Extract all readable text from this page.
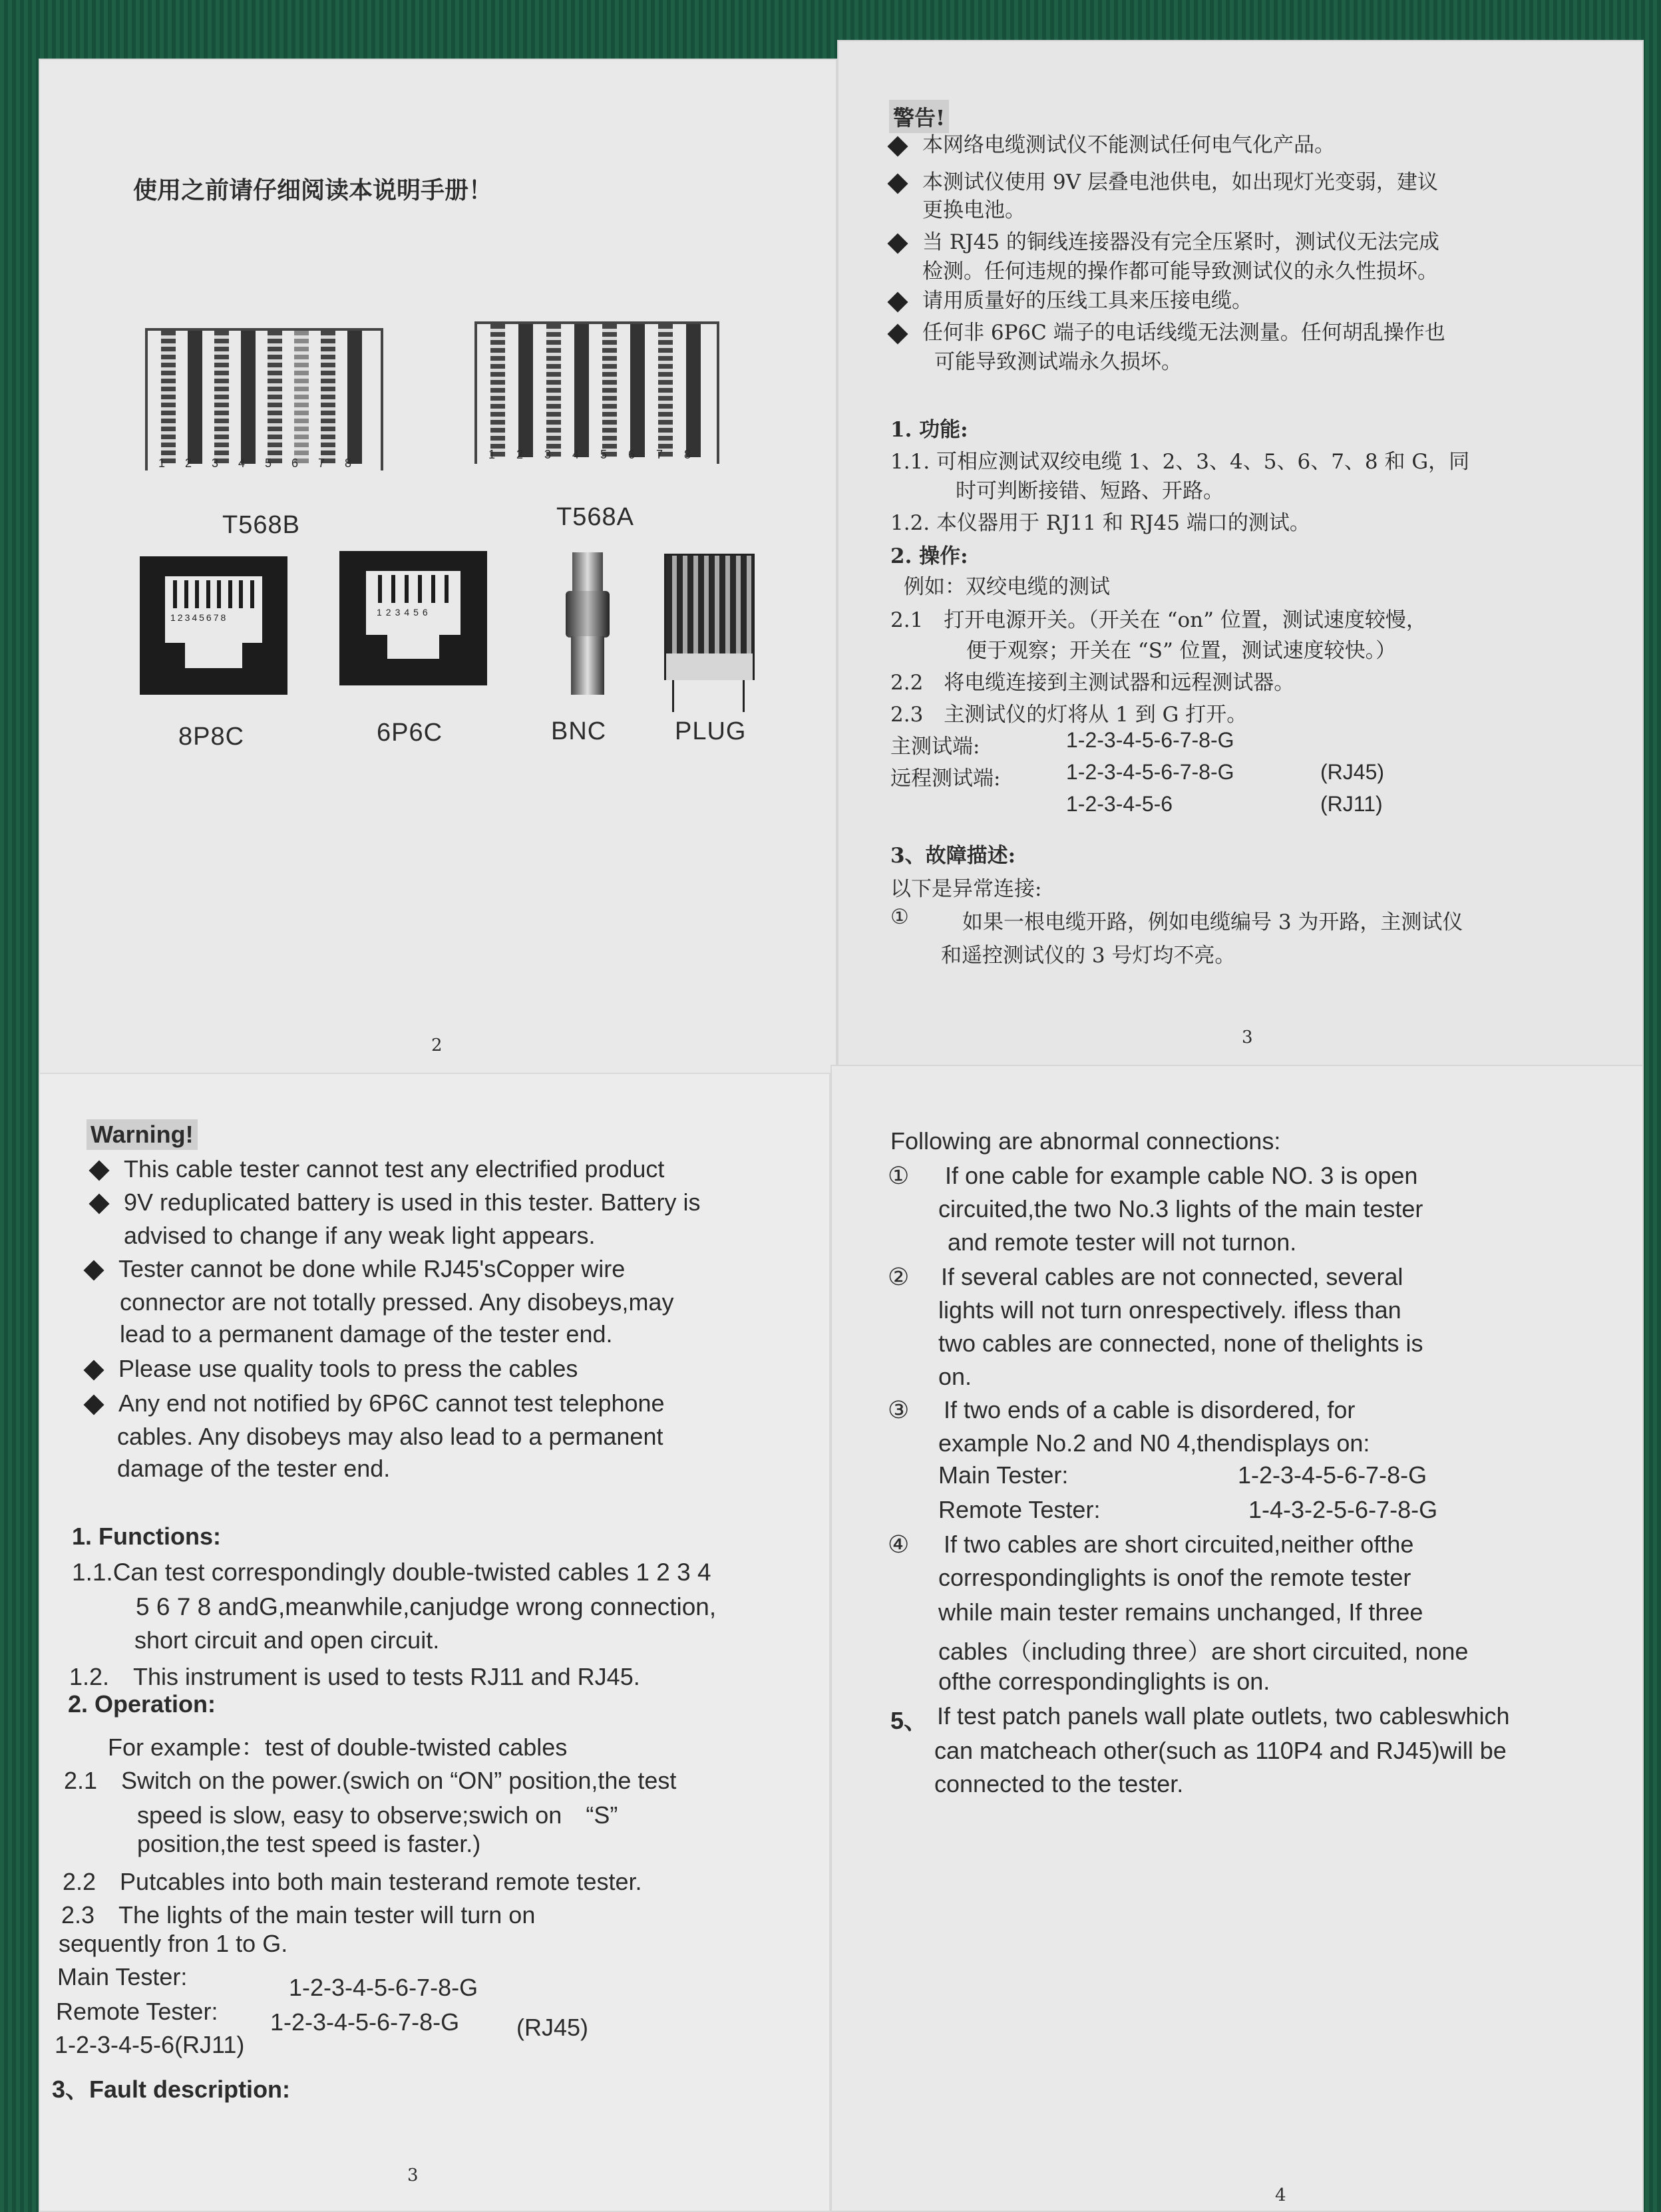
使用之前请仔细阅读本说明手册！
1 2 3 4 5 6 7 8
T568B
1 2 3 4 5 6 7 8
T568A
12345678
8P8C
123456
6P6C	BNC	PLUG
2
警告!
本网络电缆测试仪不能测试任何电气化产品。
本测试仪使用 9V 层叠电池供电，如出现灯光变弱，建议
更换电池。
当 RJ45 的铜线连接器没有完全压紧时，测试仪无法完成
检测。任何违规的操作都可能导致测试仪的永久性损坏。
请用质量好的压线工具来压接电缆。
任何非 6P6C 端子的电话线缆无法测量。任何胡乱操作也
可能导致测试端永久损坏。
1. 功能:
1.1. 可相应测试双绞电缆 1、2、3、4、5、6、7、8 和 G，同
时可判断接错、短路、开路。
1.2. 本仪器用于 RJ11 和 RJ45 端口的测试。
2. 操作:
例如：双绞电缆的测试
2.1　打开电源开关。（开关在 “on” 位置，测试速度较慢，
便于观察；开关在 “S” 位置，测试速度较快。）
2.2　将电缆连接到主测试器和远程测试器。
2.3　主测试仪的灯将从 1 到 G 打开。
主测试端:	1-2-3-4-5-6-7-8-G
远程测试端:	1-2-3-4-5-6-7-8-G	(RJ45)
1-2-3-4-5-6	(RJ11)
3、故障描述:
以下是异常连接:
①	如果一根电缆开路，例如电缆编号 3 为开路，主测试仪
和遥控测试仪的 3 号灯均不亮。
3
Warning!
This cable tester cannot test any electrified product
9V reduplicated battery is used in this tester. Battery is
advised to change if any weak light appears.
Tester cannot be done while RJ45'sCopper wire
connector are not totally pressed. Any disobeys,may
lead to a permanent damage of the tester end.
Please use quality tools to press the cables
Any end not notified by 6P6C cannot test telephone
cables. Any disobeys may also lead to a permanent
damage of the tester end.
1. Functions:
1.1.Can test correspondingly double-twisted cables 1 2 3 4
5 6 7 8 andG,meanwhile,canjudge wrong connection,
short circuit and open circuit.
1.2.　This instrument is used to tests RJ11 and RJ45.
2. Operation:
For example：test of double-twisted cables
2.1　Switch on the power.(swich on “ON” position,the test
speed is slow, easy to observe;swich on　“S”
position,the test speed is faster.)
2.2　Putcables into both main testerand remote tester.
2.3　The lights of the main tester will turn on
sequently fron 1 to G.
Main Tester:	1-2-3-4-5-6-7-8-G
Remote Tester: 1-2-3-4-5-6-7-8-G (RJ45)
1-2-3-4-5-6(RJ11)
3、Fault description:
3
Following are abnormal connections:
① If one cable for example cable NO. 3 is open
circuited,the two No.3 lights of the main tester
and remote tester will not turnon.
② If several cables are not connected, several
lights will not turn onrespectively. ifless than
two cables are connected, none of thelights is
on.
③ If two ends of a cable is disordered, for
example No.2 and N0 4,thendisplays on:
Main Tester:	1-2-3-4-5-6-7-8-G
Remote Tester:	1-4-3-2-5-6-7-8-G
④ If two cables are short circuited,neither ofthe
correspondinglights is onof the remote tester
while main tester remains unchanged, If three
cables（including three）are short circuited, none
ofthe correspondinglights is on.
5、 If test patch panels wall plate outlets, two cableswhich
can matcheach other(such as 110P4 and RJ45)will be
connected to the tester.
4
